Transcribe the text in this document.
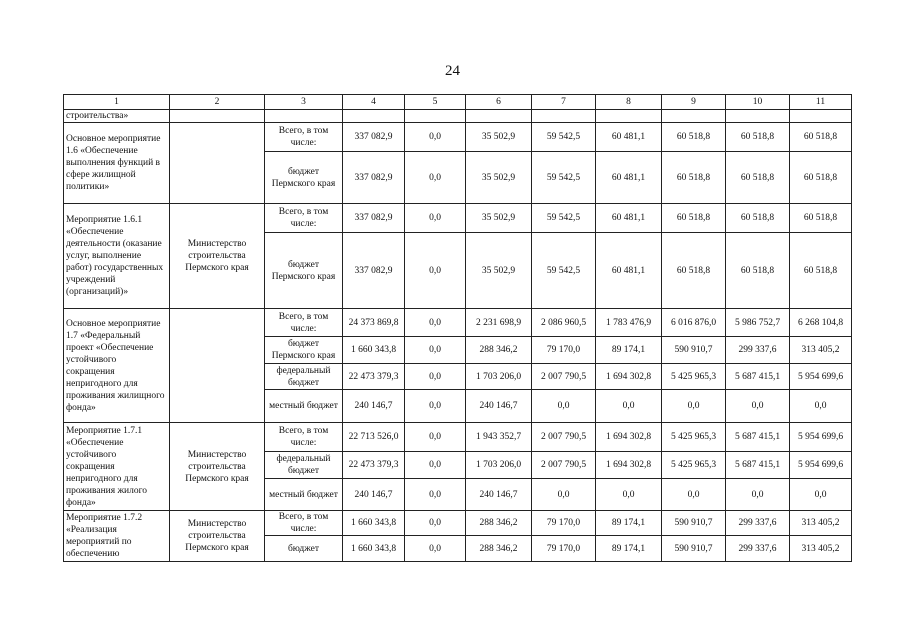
24
1	2	3	4	5	6	7	8	9	10	11
строительства»										
Основное мероприятие 1.6 «Обеспечение выполнения функций в сфере жилищной политики»		Всего, в том числе:	337 082,9	0,0	35 502,9	59 542,5	60 481,1	60 518,8	60 518,8	60 518,8
		бюджет Пермского края	337 082,9	0,0	35 502,9	59 542,5	60 481,1	60 518,8	60 518,8	60 518,8
Мероприятие 1.6.1 «Обеспечение деятельности (оказание услуг, выполнение работ) государственных учреждений (организаций)»	Министерство строительства Пермского края	Всего, в том числе:	337 082,9	0,0	35 502,9	59 542,5	60 481,1	60 518,8	60 518,8	60 518,8
		бюджет Пермского края	337 082,9	0,0	35 502,9	59 542,5	60 481,1	60 518,8	60 518,8	60 518,8
Основное мероприятие 1.7 «Федеральный проект «Обеспечение устойчивого сокращения непригодного для проживания жилищного фонда»		Всего, в том числе:	24 373 869,8	0,0	2 231 698,9	2 086 960,5	1 783 476,9	6 016 876,0	5 986 752,7	6 268 104,8
		бюджет Пермского края	1 660 343,8	0,0	288 346,2	79 170,0	89 174,1	590 910,7	299 337,6	313 405,2
		федеральный бюджет	22 473 379,3	0,0	1 703 206,0	2 007 790,5	1 694 302,8	5 425 965,3	5 687 415,1	5 954 699,6
		местный бюджет	240 146,7	0,0	240 146,7	0,0	0,0	0,0	0,0	0,0
Мероприятие 1.7.1 «Обеспечение устойчивого сокращения непригодного для проживания жилого фонда»	Министерство строительства Пермского края	Всего, в том числе:	22 713 526,0	0,0	1 943 352,7	2 007 790,5	1 694 302,8	5 425 965,3	5 687 415,1	5 954 699,6
		федеральный бюджет	22 473 379,3	0,0	1 703 206,0	2 007 790,5	1 694 302,8	5 425 965,3	5 687 415,1	5 954 699,6
		местный бюджет	240 146,7	0,0	240 146,7	0,0	0,0	0,0	0,0	0,0
Мероприятие 1.7.2 «Реализация мероприятий по обеспечению	Министерство строительства Пермского края	Всего, в том числе:	1 660 343,8	0,0	288 346,2	79 170,0	89 174,1	590 910,7	299 337,6	313 405,2
		бюджет	1 660 343,8	0,0	288 346,2	79 170,0	89 174,1	590 910,7	299 337,6	313 405,2
